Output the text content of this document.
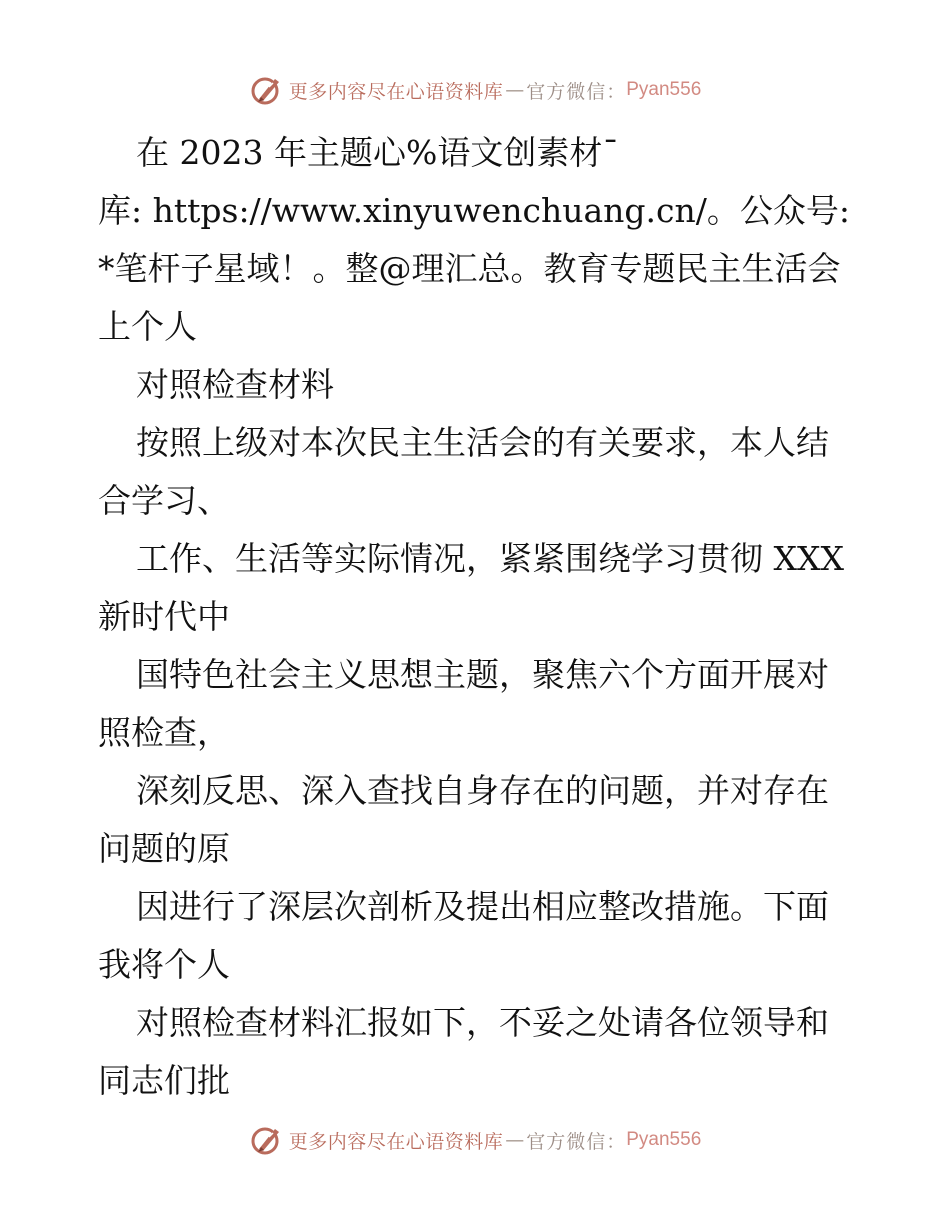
更多内容尽在心语资料库 — 官方微信： Pyan556
在 2023 年主题心%语文创素材¯
库: https://www.xinyuwenchuang.cn/。公众号:
*笔杆子星域！。整@理汇总。教育专题民主生活会
上个人
对照检查材料
按照上级对本次民主生活会的有关要求，本人结
合学习、
工作、生活等实际情况，紧紧围绕学习贯彻 XXX
新时代中
国特色社会主义思想主题，聚焦六个方面开展对
照检查，
深刻反思、深入查找自身存在的问题，并对存在
问题的原
因进行了深层次剖析及提出相应整改措施。下面
我将个人
对照检查材料汇报如下，不妥之处请各位领导和
同志们批
更多内容尽在心语资料库 — 官方微信： Pyan556
